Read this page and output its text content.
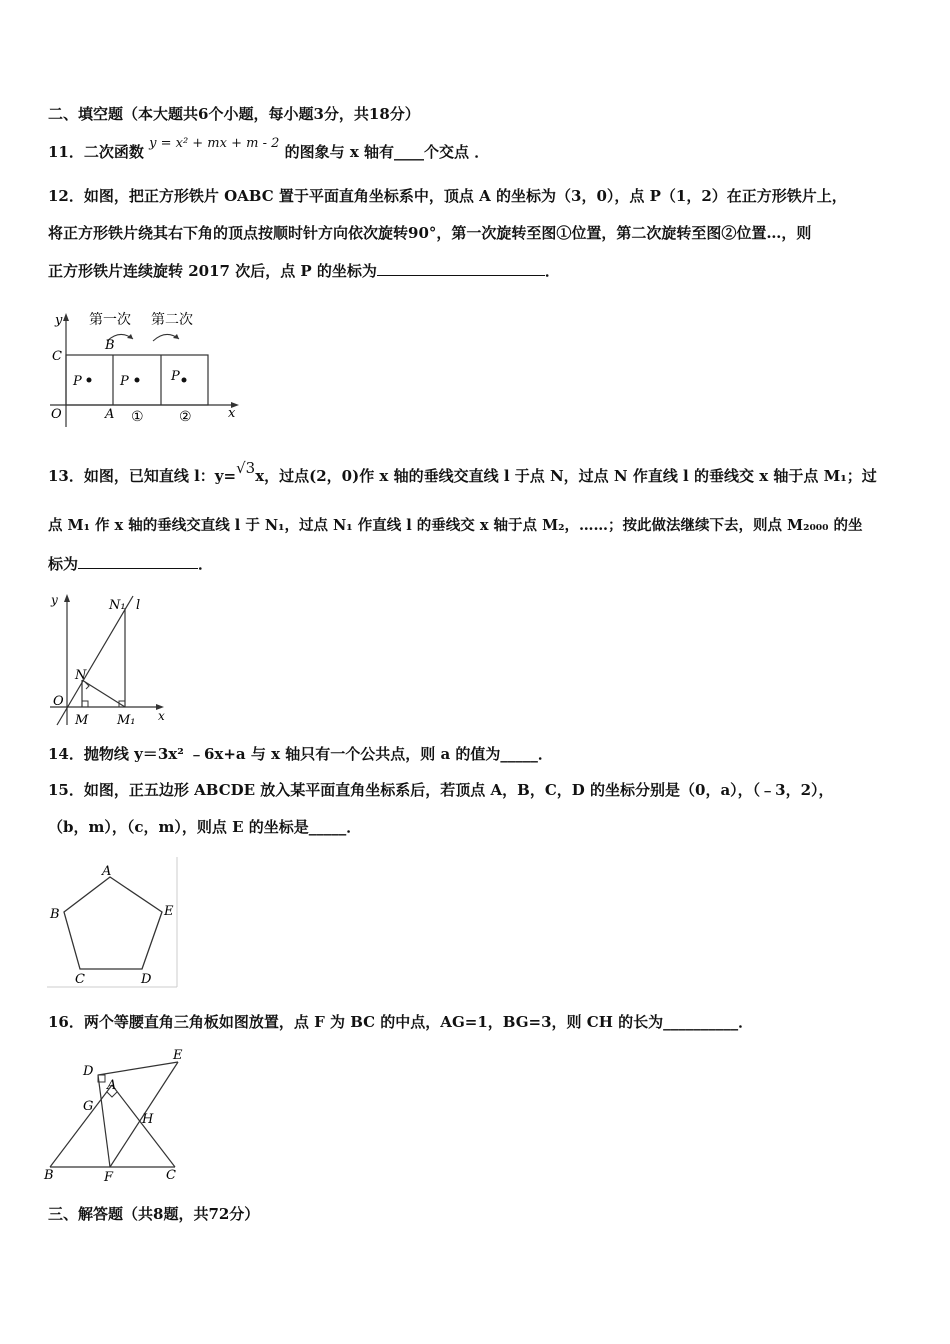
二、填空题（本大题共6个小题，每小题3分，共18分）
11．二次函数 y = x² + mx + m - 2 的图象与 x 轴有____个交点 ．
12．如图，把正方形铁片 OABC 置于平面直角坐标系中，顶点 A 的坐标为（3，0），点 P（1，2）在正方形铁片上，
将正方形铁片绕其右下角的顶点按顺时针方向依次旋转90°，第一次旋转至图①位置，第二次旋转至图②位置…，则
正方形铁片连续旋转 2017 次后，点 P 的坐标为	．
第一次 第二次
y
x
C
B
O	A
P	P	P
①	②
13．如图，已知直线 l：y=√3x，过点(2，0)作 x 轴的垂线交直线 l 于点 N，过点 N 作直线 l 的垂线交 x 轴于点 M₁；过
点 M₁ 作 x 轴的垂线交直线 l 于 N₁，过点 N₁ 作直线 l 的垂线交 x 轴于点 M₂，……；按此做法继续下去，则点 M₂₀₀₀ 的坐
标为	．
y
x
N₁ l
N
O
M M₁
14．抛物线 y＝3x² ﹣6x+a 与 x 轴只有一个公共点，则 a 的值为_____．
15．如图，正五边形 ABCDE 放入某平面直角坐标系后，若顶点 A，B，C，D 的坐标分别是（0，a），（﹣3，2），
（b，m），（c，m），则点 E 的坐标是_____．
A
B
C	D
E
16．两个等腰直角三角板如图放置，点 F 为 BC 的中点，AG=1，BG=3，则 CH 的长为__________．
D
E
A
G
H
B	F	C
三、解答题（共8题，共72分）
